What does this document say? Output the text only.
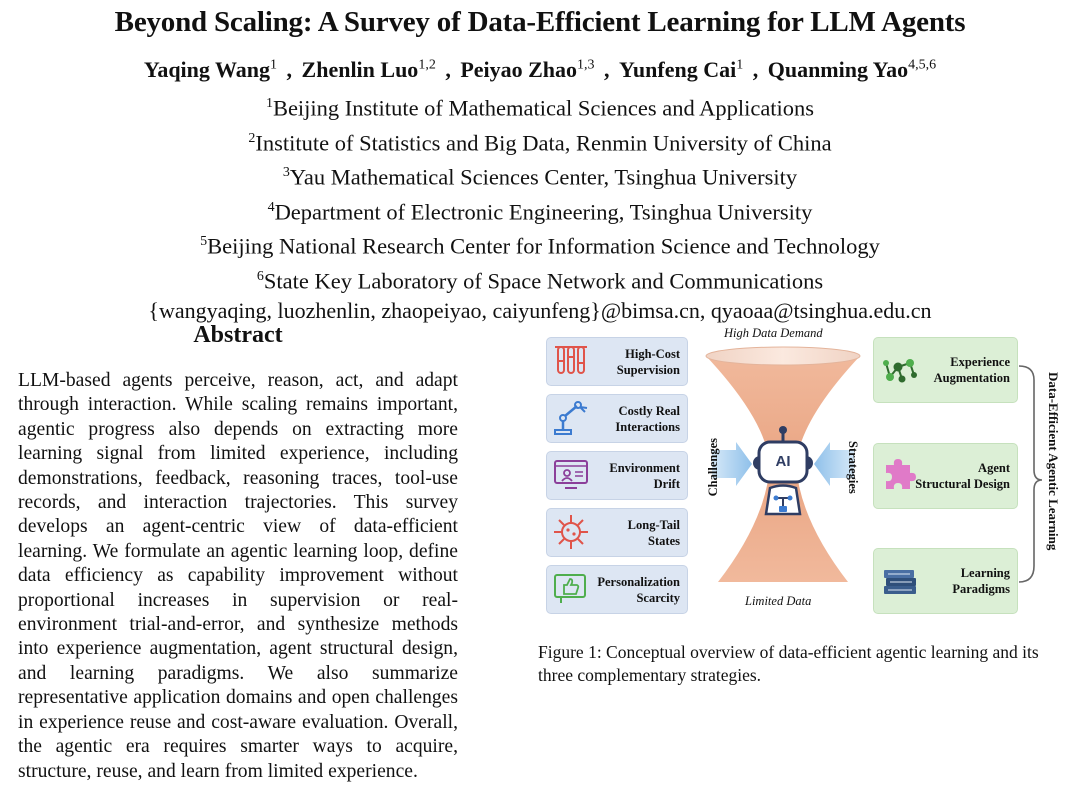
Beyond Scaling: A Survey of Data-Efficient Learning for LLM Agents
Yaqing Wang$^1$ , Zhenlin Luo$^{1,2}$ , Peiyao Zhao$^{1,3}$ , Yunfeng Cai$^1$ , Quanming Yao$^{4,5,6}$
$^1$Beijing Institute of Mathematical Sciences and Applications
$^2$Institute of Statistics and Big Data, Renmin University of China
$^3$Yau Mathematical Sciences Center, Tsinghua University
$^4$Department of Electronic Engineering, Tsinghua University
$^5$Beijing National Research Center for Information Science and Technology
$^6$State Key Laboratory of Space Network and Communications
{wangyaqing, luozhenlin, zhaopeiyao, caiyunfeng}@bimsa.cn, qyaoaa@tsinghua.edu.cn
Abstract
LLM-based agents perceive, reason, act, and adapt through interaction. While scaling remains important, agentic progress also depends on extracting more learning signal from limited experience, including demonstrations, feedback, reasoning traces, tool-use records, and interaction trajectories. This survey develops an agent-centric view of data-efficient learning. We formulate an agentic learning loop, define data efficiency as capability improvement without proportional increases in supervision or real-environment trial-and-error, and synthesize methods into experience augmentation, agent structural design, and learning paradigms. We also summarize representative application domains and open challenges in experience reuse and cost-aware evaluation. Overall, the agentic era requires smarter ways to acquire, structure, reuse, and learn from limited experience.
High-Cost
Supervision
Costly Real
Interactions
Environment
Drift
Long-Tail
States
Personalization
Scarcity
Experience
Augmentation
Agent
Structural Design
Learning
Paradigms
High Data Demand
Limited Data
Challenges	Strategies
AI	Data-Efficient Agentic Learning
Figure 1: Conceptual overview of data-efficient agentic learning and its three complementary strategies.
